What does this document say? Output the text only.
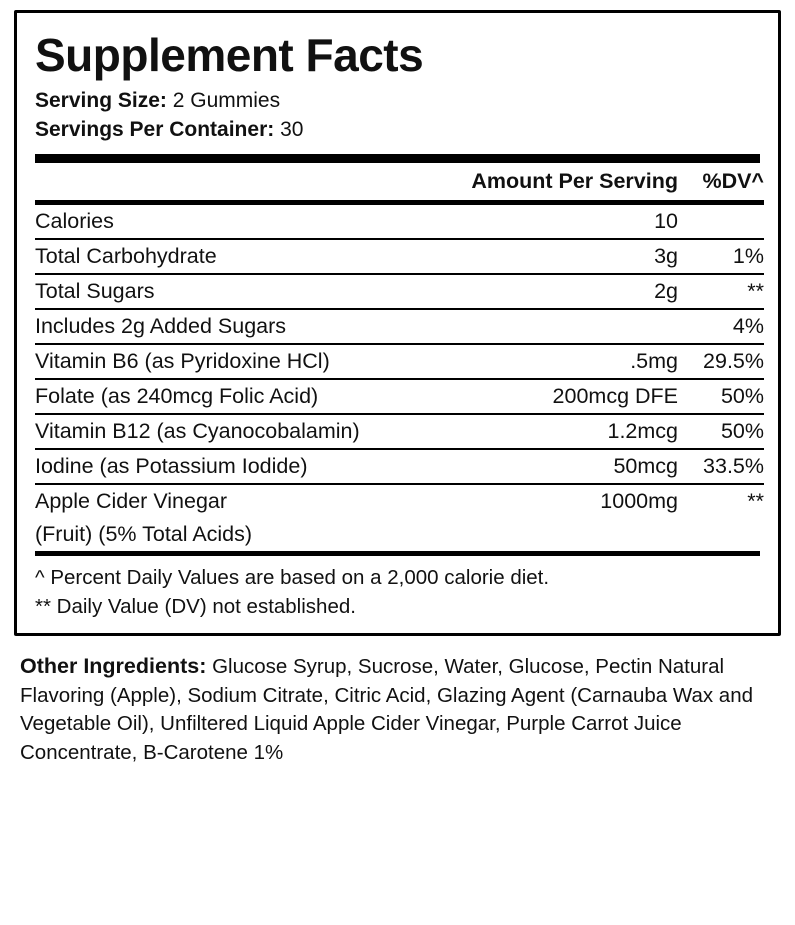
Supplement Facts
Serving Size: 2 Gummies
Servings Per Container: 30
	Amount Per Serving	%DV^
Calories	10	
Total Carbohydrate	3g	1%
Total Sugars	2g	**
Includes 2g Added Sugars		4%
Vitamin B6 (as Pyridoxine HCl)	.5mg	29.5%
Folate (as 240mcg Folic Acid)	200mcg DFE	50%
Vitamin B12 (as Cyanocobalamin)	1.2mcg	50%
Iodine (as Potassium Iodide)	50mcg	33.5%
Apple Cider Vinegar	1000mg	**
(Fruit) (5% Total Acids)		
^ Percent Daily Values are based on a 2,000 calorie diet.
** Daily Value (DV) not established.
Other Ingredients: Glucose Syrup, Sucrose, Water, Glucose, Pectin Natural Flavoring (Apple), Sodium Citrate, Citric Acid, Glazing Agent (Carnauba Wax and Vegetable Oil), Unfiltered Liquid Apple Cider Vinegar, Purple Carrot Juice Concentrate, B-Carotene 1%
